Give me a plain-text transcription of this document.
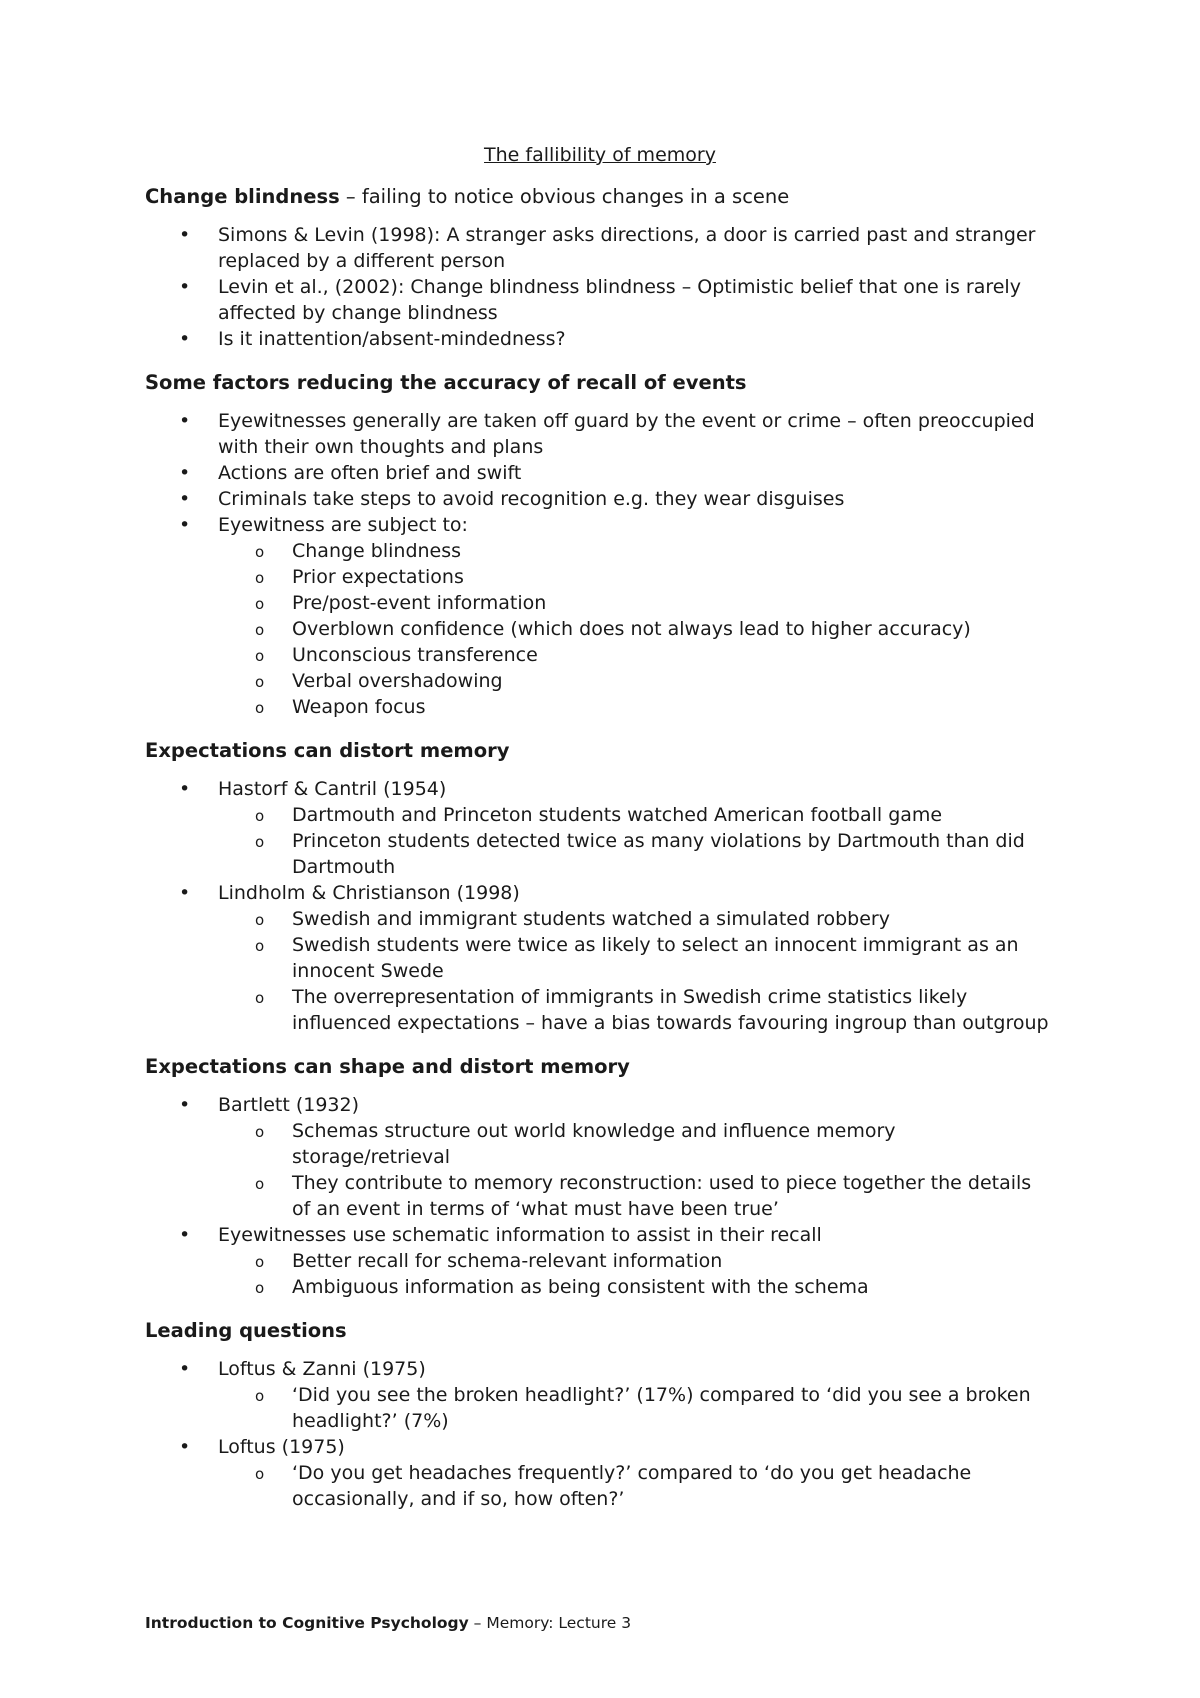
The fallibility of memory

Change blindness – failing to notice obvious changes in a scene

• Simons & Levin (1998): A stranger asks directions, a door is carried past and stranger replaced by a different person
• Levin et al., (2002): Change blindness blindness – Optimistic belief that one is rarely affected by change blindness
• Is it inattention/absent-mindedness?

Some factors reducing the accuracy of recall of events

• Eyewitnesses generally are taken off guard by the event or crime – often preoccupied with their own thoughts and plans
• Actions are often brief and swift
• Criminals take steps to avoid recognition e.g. they wear disguises
• Eyewitness are subject to:
o Change blindness
o Prior expectations
o Pre/post-event information
o Overblown confidence (which does not always lead to higher accuracy)
o Unconscious transference
o Verbal overshadowing
o Weapon focus

Expectations can distort memory

• Hastorf & Cantril (1954)
o Dartmouth and Princeton students watched American football game
o Princeton students detected twice as many violations by Dartmouth than did Dartmouth
• Lindholm & Christianson (1998)
o Swedish and immigrant students watched a simulated robbery
o Swedish students were twice as likely to select an innocent immigrant as an innocent Swede
o The overrepresentation of immigrants in Swedish crime statistics likely influenced expectations – have a bias towards favouring ingroup than outgroup

Expectations can shape and distort memory

• Bartlett (1932)
o Schemas structure out world knowledge and influence memory storage/retrieval
o They contribute to memory reconstruction: used to piece together the details of an event in terms of ‘what must have been true’
• Eyewitnesses use schematic information to assist in their recall
o Better recall for schema-relevant information
o Ambiguous information as being consistent with the schema

Leading questions

• Loftus & Zanni (1975)
o ‘Did you see the broken headlight?’ (17%) compared to ‘did you see a broken headlight?’ (7%)
• Loftus (1975)
o ‘Do you get headaches frequently?’ compared to ‘do you get headache occasionally, and if so, how often?’
Introduction to Cognitive Psychology – Memory: Lecture 3
